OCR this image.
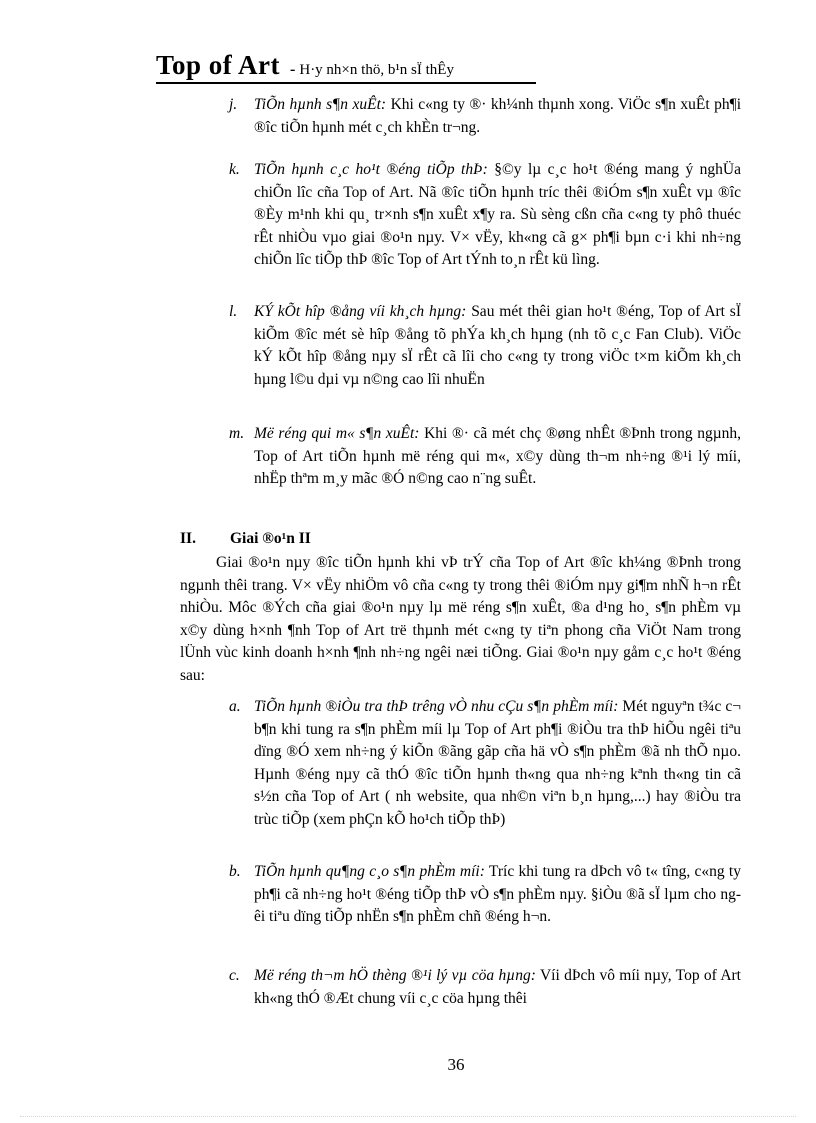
Top of Art - H·y nh×n thö, b¹n sÏ thÊy
j.	TiÕn hµnh s¶n xuÊt: Khi c«ng ty ®· kh¼nh thµnh xong. ViÖc s¶n xuÊt ph¶i ®îc tiÕn hµnh mét c¸ch khÈn tr¬ng.
k. TiÕn hµnh c¸c ho¹t ®éng tiÕp thÞ: §©y lµ c¸c ho¹t ®éng mang ý nghÜa chiÕn lîc cña Top of Art. Nã ®îc tiÕn hµnh tríc thêi ®iÓm s¶n xuÊt vµ ®îc ®Èy m¹nh khi qu¸ tr×nh s¶n xuÊt x¶y ra. Sù sèng cßn cña c«ng ty phô thuéc rÊt nhiÒu vµo giai ®o¹n nµy. V× vËy, kh«ng cã g× ph¶i bµn c·i khi nh÷ng chiÕn lîc tiÕp thÞ ®îc Top of Art tÝnh to¸n rÊt kü lìng.
l.	KÝ kÕt hîp ®ång víi kh¸ch hµng: Sau mét thêi gian ho¹t ®éng, Top of Art sÏ kiÕm ®îc mét sè hîp ®ång tõ phÝa kh¸ch hµng (nh tõ c¸c Fan Club). ViÖc kÝ kÕt hîp ®ång nµy sÏ rÊt cã lîi cho c«ng ty trong viÖc t×m kiÕm kh¸ch hµng l©u dµi vµ n©ng cao lîi nhuËn
m. Më réng qui m« s¶n xuÊt: Khi ®· cã mét chç ®øng nhÊt ®Þnh trong ngµnh, Top of Art tiÕn hµnh më réng qui m«, x©y dùng th¬m nh÷ng ®¹i lý míi, nhËp thªm m¸y mãc ®Ó n©ng cao n¨ng suÊt.
II. Giai ®o¹n II
Giai ®o¹n nµy ®îc tiÕn hµnh khi vÞ trÝ cña Top of Art ®îc kh¼ng ®Þnh trong ngµnh thêi trang. V× vËy nhiÖm vô cña c«ng ty trong thêi ®iÓm nµy gi¶m nhÑ h¬n rÊt nhiÒu. Môc ®Ých cña giai ®o¹n nµy lµ më réng s¶n xuÊt, ®a d¹ng ho¸ s¶n phÈm vµ x©y dùng h×nh ¶nh Top of Art trë thµnh mét c«ng ty tiªn phong cña ViÖt Nam trong lÜnh vùc kinh doanh h×nh ¶nh nh÷ng ngêi næi tiÕng. Giai ®o¹n nµy gåm c¸c ho¹t ®éng sau:
a. TiÕn hµnh ®iÒu tra thÞ trêng vÒ nhu cÇu s¶n phÈm míi: Mét nguyªn t¾c c¬ b¶n khi tung ra s¶n phÈm míi lµ Top of Art ph¶i ®iÒu tra thÞ hiÕu ngêi tiªu dïng ®Ó xem nh÷ng ý kiÕn ®ãng gãp cña hä vÒ s¶n phÈm ®ã nh thÕ nµo. Hµnh ®éng nµy cã thÓ ®îc tiÕn hµnh th«ng qua nh÷ng kªnh th«ng tin cã s½n cña Top of Art ( nh website, qua nh©n viªn b¸n hµng,...) hay ®iÒu tra trùc tiÕp (xem phÇn kÕ ho¹ch tiÕp thÞ)
b. TiÕn hµnh qu¶ng c¸o s¶n phÈm míi: Tríc khi tung ra dÞch vô t« tîng, c«ng ty ph¶i cã nh÷ng ho¹t ®éng tiÕp thÞ vÒ s¶n phÈm nµy. §iÒu ®ã sÏ lµm cho ngêi tiªu dïng tiÕp nhËn s¶n phÈm chñ ®éng h¬n.
c. Më réng th¬m hÖ thèng ®¹i lý vµ cöa hµng: Víi dÞch vô míi nµy, Top of Art kh«ng thÓ ®Æt chung víi c¸c cöa hµng thêi
36
